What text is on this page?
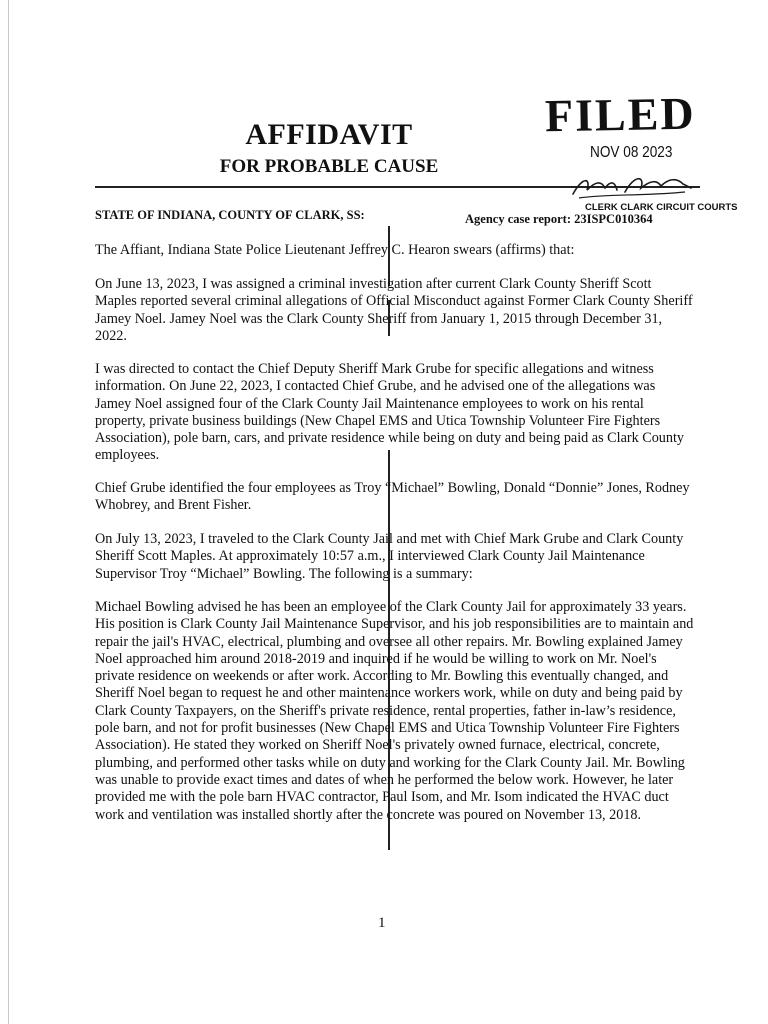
AFFIDAVIT
FOR PROBABLE CAUSE
FILED
NOV 08 2023
CLERK CLARK CIRCUIT COURTS
STATE OF INDIANA, COUNTY OF CLARK, SS:	Agency case report: 23ISPC010364
The Affiant, Indiana State Police Lieutenant Jeffrey C. Hearon swears (affirms) that:
On June 13, 2023, I was assigned a criminal investigation after current Clark County Sheriff Scott Maples reported several criminal allegations of Official Misconduct against Former Clark County Sheriff Jamey Noel. Jamey Noel was the Clark County Sheriff from January 1, 2015 through December 31, 2022.
I was directed to contact the Chief Deputy Sheriff Mark Grube for specific allegations and witness information. On June 22, 2023, I contacted Chief Grube, and he advised one of the allegations was Jamey Noel assigned four of the Clark County Jail Maintenance employees to work on his rental property, private business buildings (New Chapel EMS and Utica Township Volunteer Fire Fighters Association), pole barn, cars, and private residence while being on duty and being paid as Clark County employees.
Chief Grube identified the four employees as Troy “Michael” Bowling, Donald “Donnie” Jones, Rodney Whobrey, and Brent Fisher.
On July 13, 2023, I traveled to the Clark County Jail and met with Chief Mark Grube and Clark County Sheriff Scott Maples. At approximately 10:57 a.m., I interviewed Clark County Jail Maintenance Supervisor Troy “Michael” Bowling. The following is a summary:
Michael Bowling advised he has been an employee of the Clark County Jail for approximately 33 years. His position is Clark County Jail Maintenance Supervisor, and his job responsibilities are to maintain and repair the jail's HVAC, electrical, plumbing and oversee all other repairs. Mr. Bowling explained Jamey Noel approached him around 2018-2019 and inquired if he would be willing to work on Mr. Noel's private residence on weekends or after work. According to Mr. Bowling this eventually changed, and Sheriff Noel began to request he and other maintenance workers work, while on duty and being paid by Clark County Taxpayers, on the Sheriff's private residence, rental properties, father in-law’s residence, pole barn, and not for profit businesses (New Chapel EMS and Utica Township Volunteer Fire Fighters Association). He stated they worked on Sheriff Noel's privately owned furnace, electrical, concrete, plumbing, and performed other tasks while on duty and working for the Clark County Jail. Mr. Bowling was unable to provide exact times and dates of when he performed the below work. However, he later provided me with the pole barn HVAC contractor, Paul Isom, and Mr. Isom indicated the HVAC duct work and ventilation was installed shortly after the concrete was poured on November 13, 2018.
1
